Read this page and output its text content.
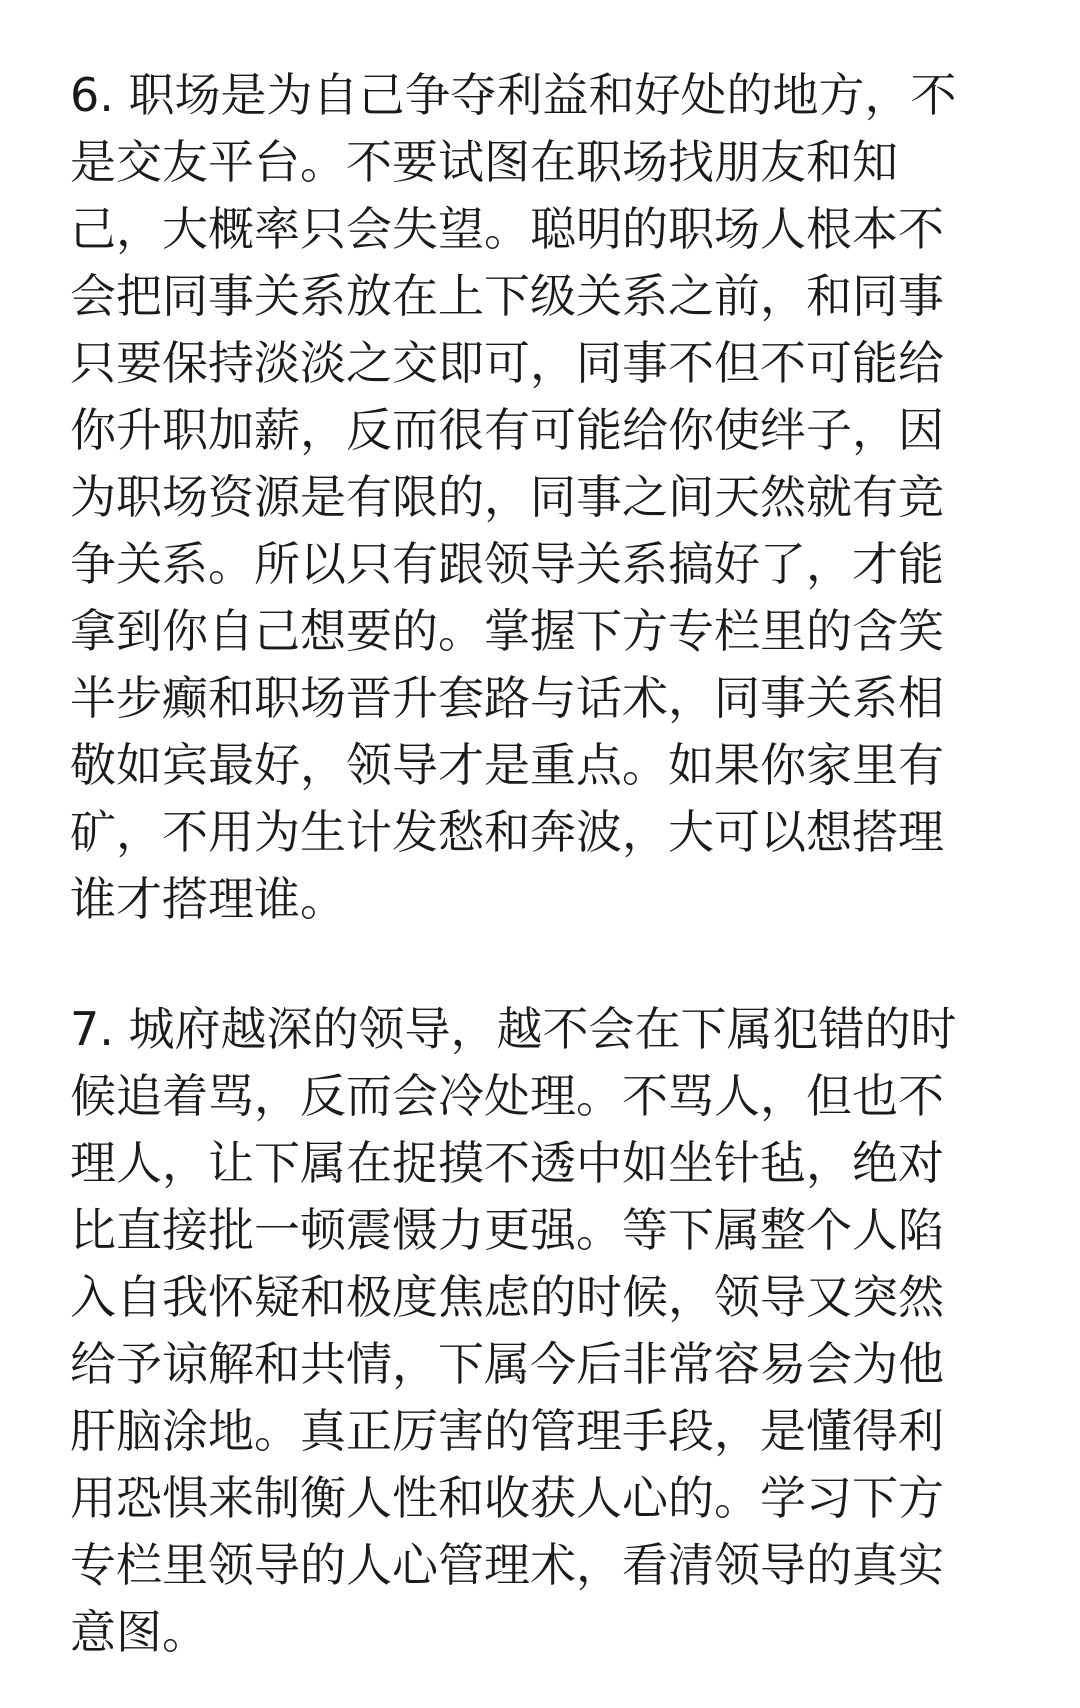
6. 职场是为自己争夺利益和好处的地方，不
是交友平台。不要试图在职场找朋友和知
己，大概率只会失望。聪明的职场人根本不
会把同事关系放在上下级关系之前，和同事
只要保持淡淡之交即可，同事不但不可能给
你升职加薪，反而很有可能给你使绊子，因
为职场资源是有限的，同事之间天然就有竞
争关系。所以只有跟领导关系搞好了，才能
拿到你自己想要的。掌握下方专栏里的含笑
半步癫和职场晋升套路与话术，同事关系相
敬如宾最好，领导才是重点。如果你家里有
矿，不用为生计发愁和奔波，大可以想搭理
谁才搭理谁。
7. 城府越深的领导，越不会在下属犯错的时
候追着骂，反而会冷处理。不骂人，但也不
理人，让下属在捉摸不透中如坐针毡，绝对
比直接批一顿震慑力更强。等下属整个人陷
入自我怀疑和极度焦虑的时候，领导又突然
给予谅解和共情，下属今后非常容易会为他
肝脑涂地。真正厉害的管理手段，是懂得利
用恐惧来制衡人性和收获人心的。学习下方
专栏里领导的人心管理术，看清领导的真实
意图。
